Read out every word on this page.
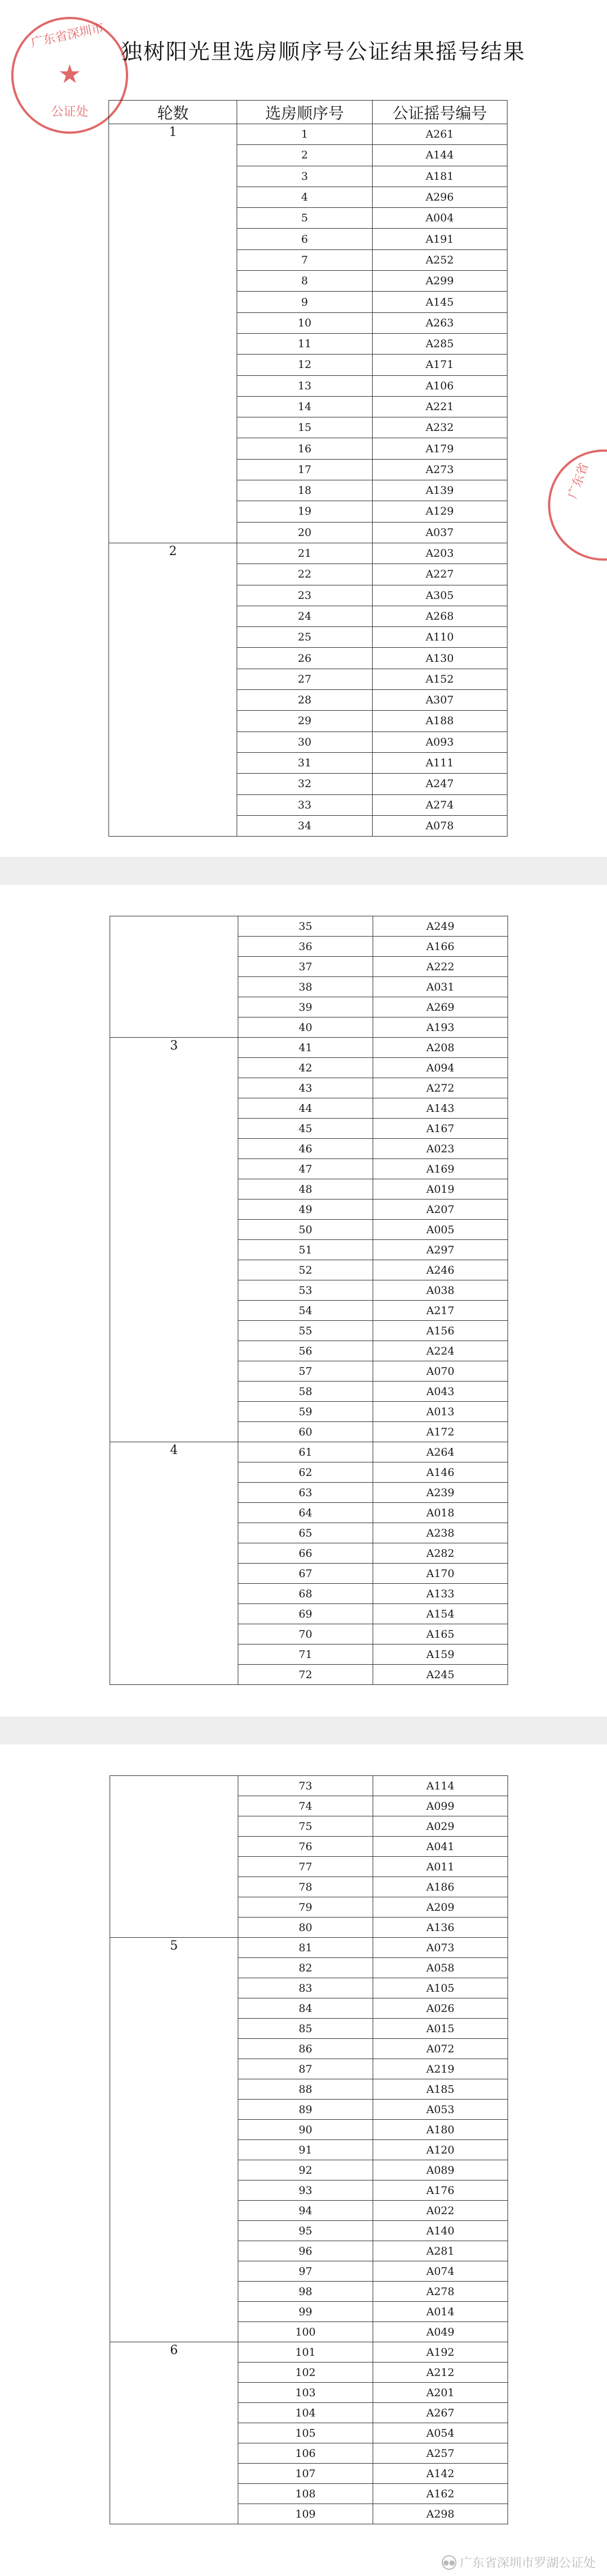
广东省深圳市
★
公证处
广东省
独树阳光里选房顺序号公证结果摇号结果
轮数	选房顺序号	公证摇号编号

1	1	A261
	2	A144
	3	A181
	4	A296
	5	A004
	6	A191
	7	A252
	8	A299
	9	A145
	10	A263
	11	A285
	12	A171
	13	A106
	14	A221
	15	A232
	16	A179
	17	A273
	18	A139
	19	A129
	20	A037

2	21	A203
	22	A227
	23	A305
	24	A268
	25	A110
	26	A130
	27	A152
	28	A307
	29	A188
	30	A093
	31	A111
	32	A247
	33	A274
	34	A078
	35	A249
	36	A166
	37	A222
	38	A031
	39	A269
	40	A193

3	41	A208
	42	A094
	43	A272
	44	A143
	45	A167
	46	A023
	47	A169
	48	A019
	49	A207
	50	A005
	51	A297
	52	A246
	53	A038
	54	A217
	55	A156
	56	A224
	57	A070
	58	A043
	59	A013
	60	A172

4	61	A264
	62	A146
	63	A239
	64	A018
	65	A238
	66	A282
	67	A170
	68	A133
	69	A154
	70	A165
	71	A159
	72	A245
	73	A114
	74	A099
	75	A029
	76	A041
	77	A011
	78	A186
	79	A209
	80	A136

5	81	A073
	82	A058
	83	A105
	84	A026
	85	A015
	86	A072
	87	A219
	88	A185
	89	A053
	90	A180
	91	A120
	92	A089
	93	A176
	94	A022
	95	A140
	96	A281
	97	A074
	98	A278
	99	A014
	100	A049

6	101	A192
	102	A212
	103	A201
	104	A267
	105	A054
	106	A257
	107	A142
	108	A162
	109	A298
●● 广东省深圳市罗湖公证处
